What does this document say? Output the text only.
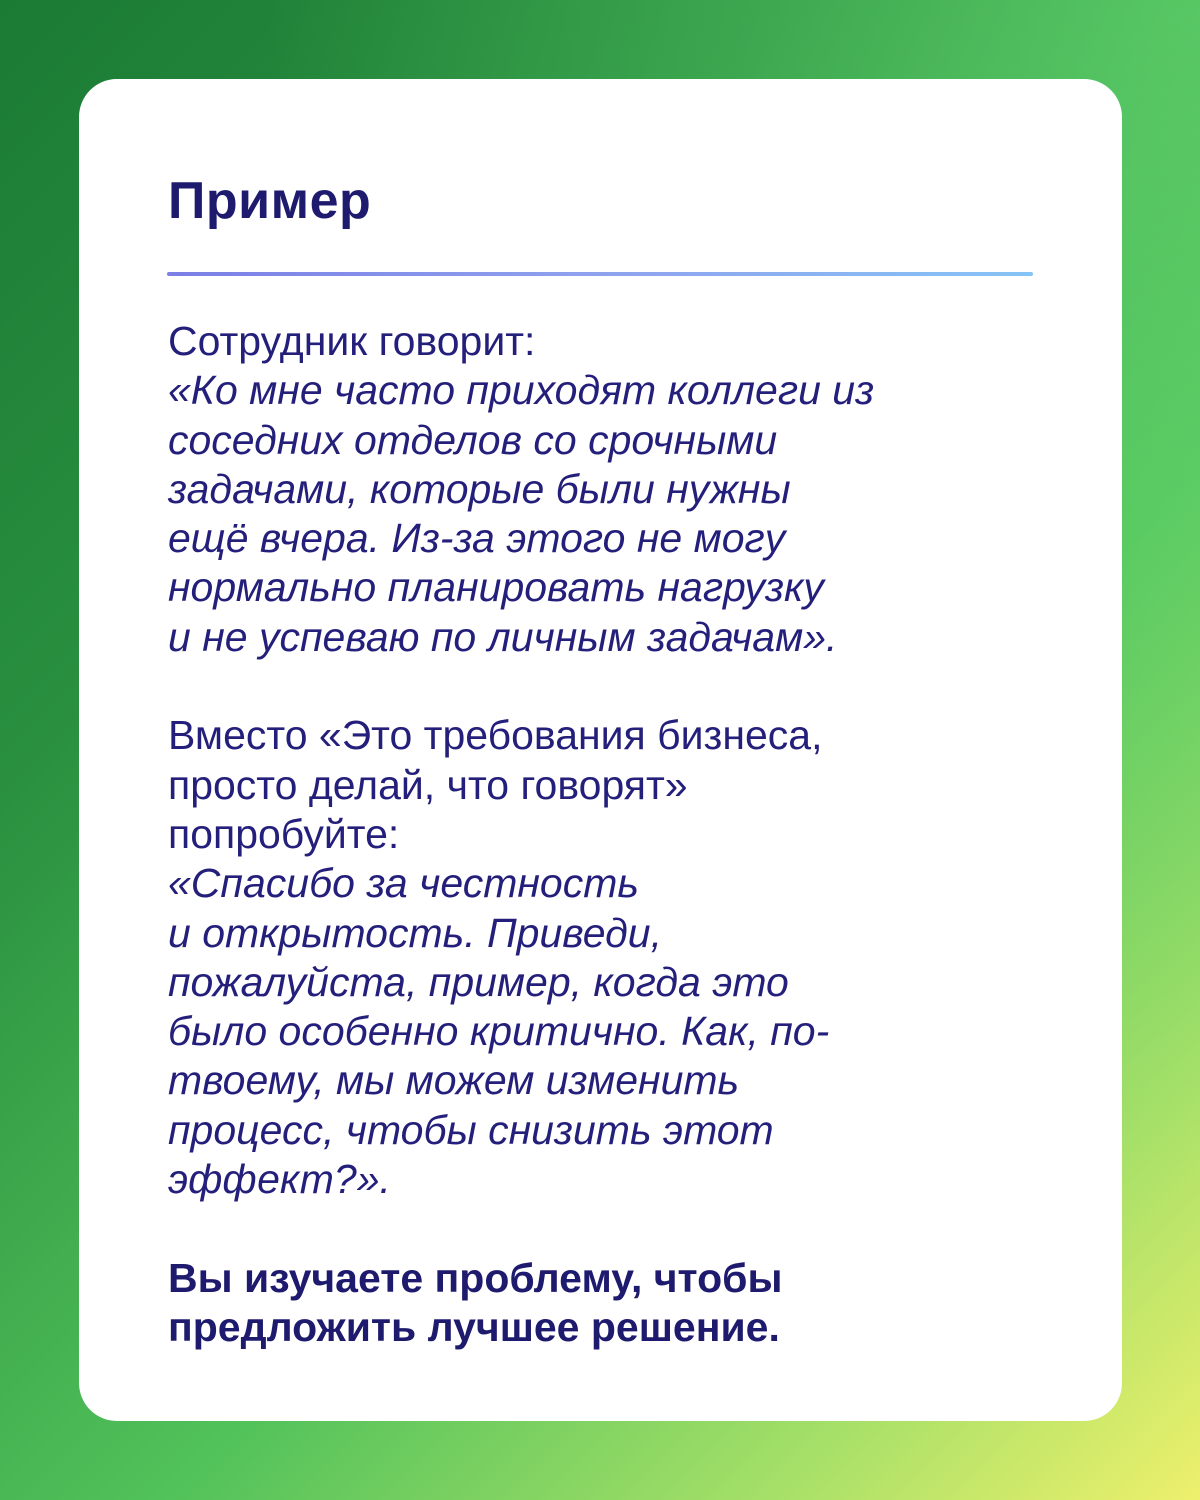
Пример
Сотрудник говорит:
«Ко мне часто приходят коллеги из
соседних отделов со срочными
задачами, которые были нужны
ещё вчера. Из-за этого не могу
нормально планировать нагрузку
и не успеваю по личным задачам».
Вместо «Это требования бизнеса,
просто делай, что говорят»
попробуйте:
«Спасибо за честность
и открытость. Приведи,
пожалуйста, пример, когда это
было особенно критично. Как, по-
твоему, мы можем изменить
процесс, чтобы снизить этот
эффект?».
Вы изучаете проблему, чтобы
предложить лучшее решение.
